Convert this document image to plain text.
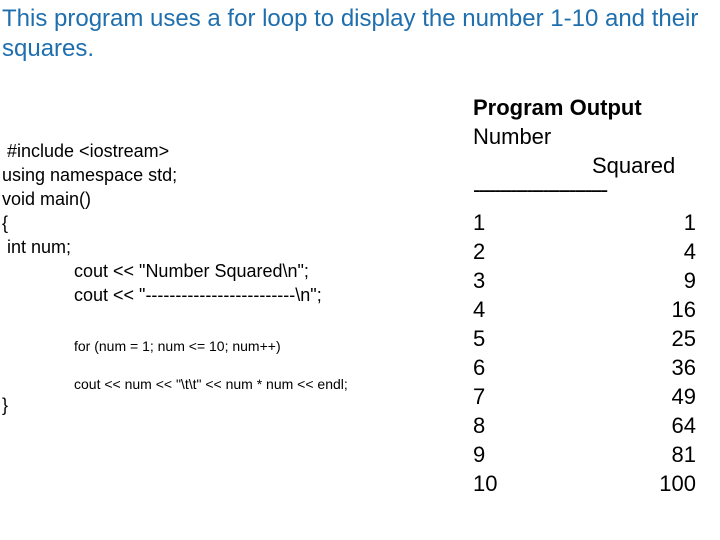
This program uses a for loop to display the number 1-10 and their squares.
#include <iostream>
using namespace std;
void main()
{
int num;
cout << "Number Squared\n";
cout << "-------------------------\n";
for (num = 1; num <= 10; num++)
cout << num << "\t\t" << num * num << endl;
}
Program Output
Number
Squared
-------------------------
1	1
2	4
3	9
4	16
5	25
6	36
7	49
8	64
9	81
10	100
